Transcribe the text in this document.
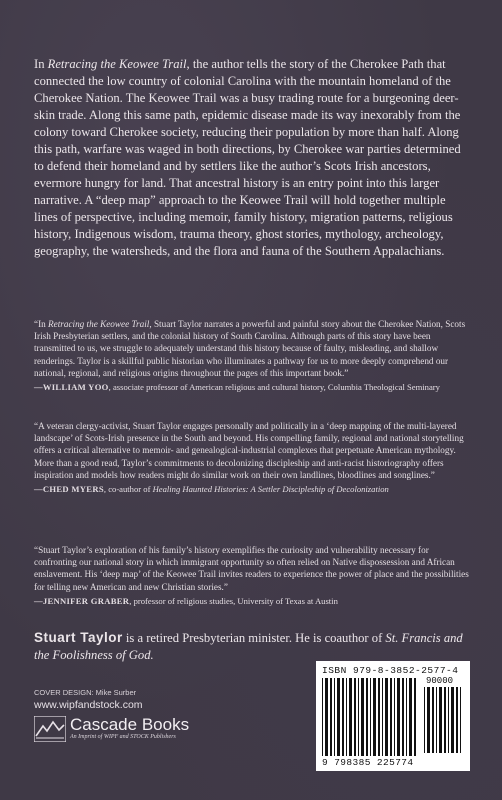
In Retracing the Keowee Trail, the author tells the story of the Cherokee Path that connected the low country of colonial Carolina with the mountain homeland of the Cherokee Nation. The Keowee Trail was a busy trading route for a burgeoning deer-skin trade. Along this same path, epidemic disease made its way inexorably from the colony toward Cherokee society, reducing their population by more than half. Along this path, warfare was waged in both directions, by Cherokee war parties determined to defend their homeland and by settlers like the author’s Scots Irish ancestors, evermore hungry for land. That ancestral history is an entry point into this larger narrative. A “deep map” approach to the Keowee Trail will hold together multiple lines of perspective, including memoir, family history, migration patterns, religious history, Indigenous wisdom, trauma theory, ghost stories, mythology, archeology, geography, the watersheds, and the flora and fauna of the Southern Appalachians.

“In Retracing the Keowee Trail, Stuart Taylor narrates a powerful and painful story about the Cherokee Nation, Scots Irish Presbyterian settlers, and the colonial history of South Carolina. Although parts of this story have been transmitted to us, we struggle to adequately understand this history because of faulty, misleading, and shallow renderings. Taylor is a skillful public historian who illuminates a pathway for us to more deeply comprehend our national, regional, and religious origins throughout the pages of this important book.”
—WILLIAM YOO, associate professor of American religious and cultural history, Columbia Theological Seminary
“A veteran clergy-activist, Stuart Taylor engages personally and politically in a ‘deep mapping of the multi-layered landscape’ of Scots-Irish presence in the South and beyond. His compelling family, regional and national storytelling offers a critical alternative to memoir- and genealogical-industrial complexes that perpetuate American mythology. More than a good read, Taylor’s commitments to decolonizing discipleship and anti-racist historiography offers inspiration and models how readers might do similar work on their own landlines, bloodlines and songlines.”
—CHED MYERS, co-author of Healing Haunted Histories: A Settler Discipleship of Decolonization
“Stuart Taylor’s exploration of his family’s history exemplifies the curiosity and vulnerability necessary for confronting our national story in which immigrant opportunity so often relied on Native dispossession and African enslavement. His ‘deep map’ of the Keowee Trail invites readers to experience the power of place and the possibilities for telling new American and new Christian stories.”
—JENNIFER GRABER, professor of religious studies, University of Texas at Austin
Stuart Taylor is a retired Presbyterian minister. He is coauthor of St. Francis and the Foolishness of God.
COVER DESIGN: Mike Surber
www.wipfandstock.com
Cascade Books
An Imprint of WIPF and STOCK Publishers
ISBN 979-8-3852-2577-4
90000
9 798385 225774
